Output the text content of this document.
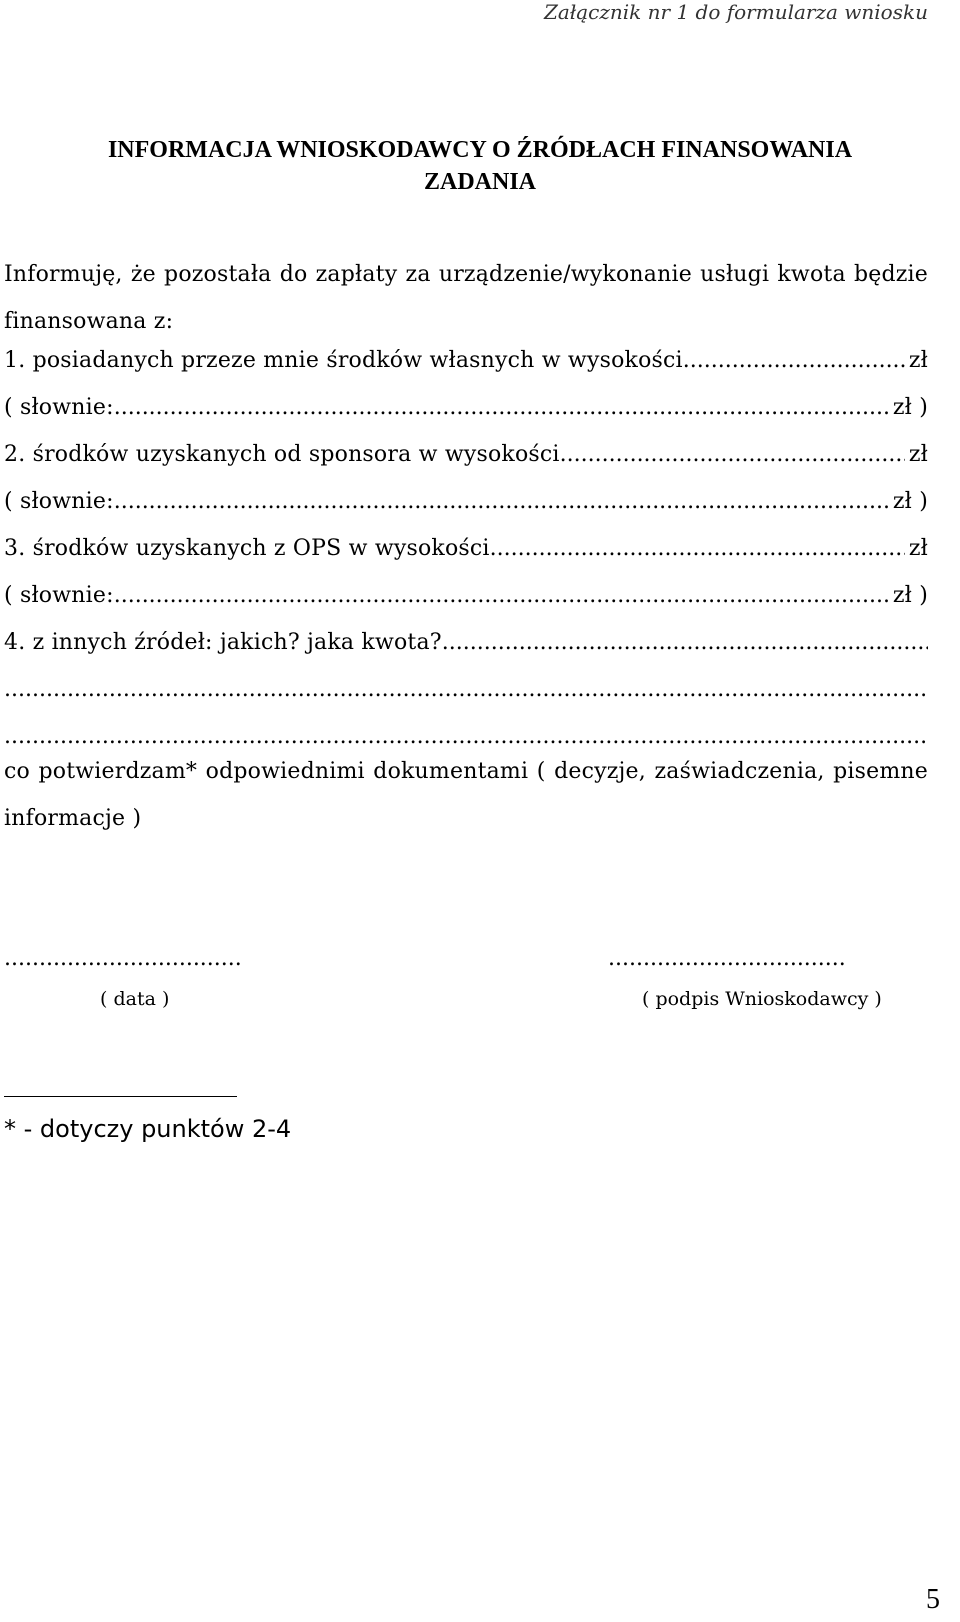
Załącznik nr 1 do formularza wniosku
INFORMACJA WNIOSKODAWCY O ŹRÓDŁACH FINANSOWANIA
ZADANIA
Informuję, że pozostała do zapłaty za urządzenie/wykonanie usługi kwota będzie finansowana z:
1. posiadanych przeze mnie środków własnych w wysokości .....	zł
( słownie: .....	zł )
2. środków uzyskanych od sponsora w wysokości .....	zł
( słownie: .....	zł )
3. środków uzyskanych z OPS w wysokości .....	zł
( słownie: .....	zł )
4. z innych źródeł: jakich? jaka kwota?
.....
.....
.....
co potwierdzam* odpowiednimi dokumentami ( decyzje, zaświadczenia, pisemne informacje )
..................................	..................................
( data )	( podpis Wnioskodawcy )
* - dotyczy punktów 2-4
5
